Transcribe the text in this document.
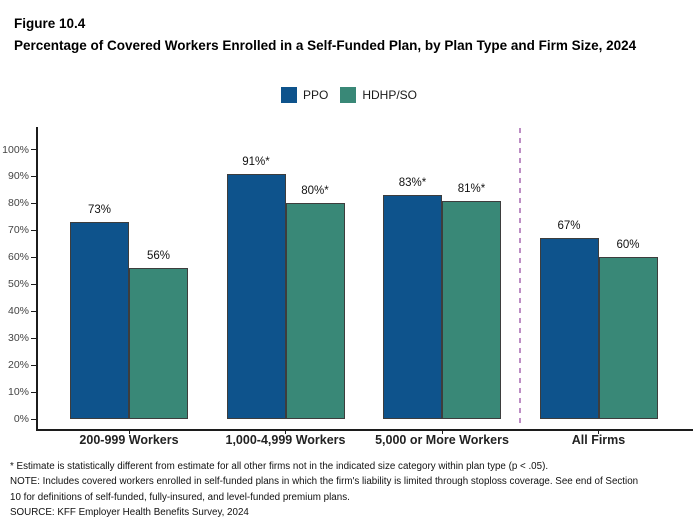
Figure 10.4
Percentage of Covered Workers Enrolled in a Self-Funded Plan, by Plan Type and Firm Size, 2024
PPO	HDHP/SO
0%
10%
20%
30%
40%
50%
60%
70%
80%
90%
100%
73%
56%
200-999 Workers
91%*
80%*
1,000-4,999 Workers
83%*	81%*
5,000 or More Workers
67%
60%
All Firms
* Estimate is statistically different from estimate for all other firms not in the indicated size category within plan type (p < .05).
NOTE: Includes covered workers enrolled in self-funded plans in which the firm's liability is limited through stoploss coverage. See end of Section
10 for definitions of self-funded, fully-insured, and level-funded premium plans.
SOURCE: KFF Employer Health Benefits Survey, 2024
